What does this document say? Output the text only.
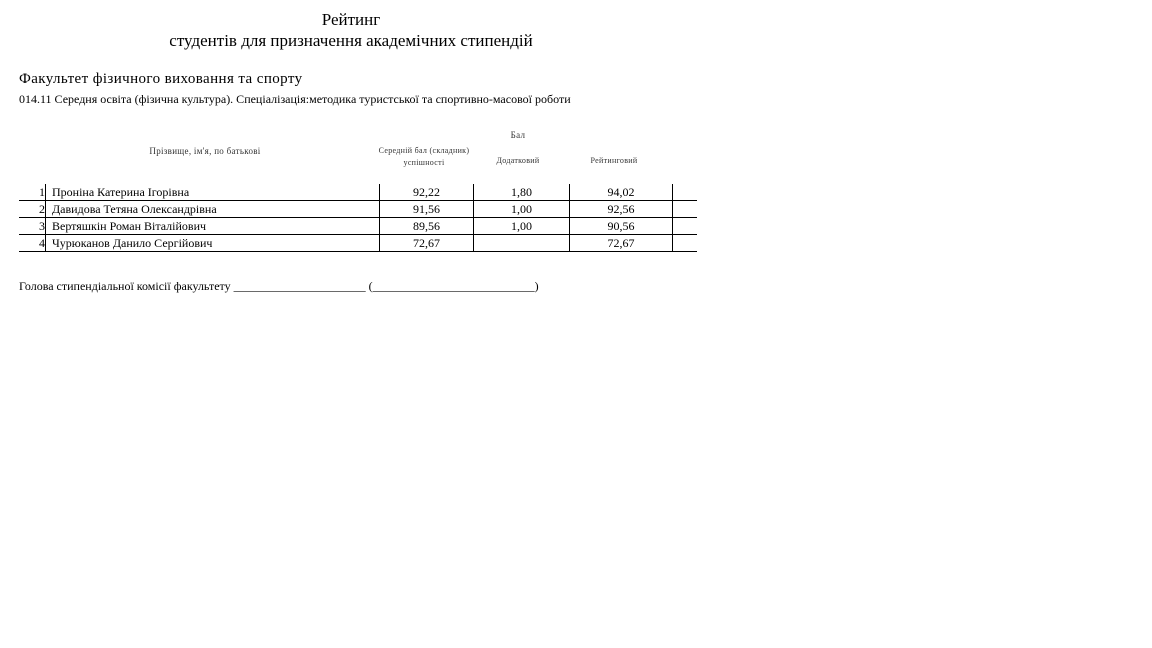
Рейтинг
студентів для призначення академічних стипендій
Факультет фізичного виховання та спорту
014.11 Середня освіта (фізична культура). Спеціалізація:методика туристської та спортивно-масової роботи
Прізвище, ім'я, по батькові
Бал
Середній бал (складник) успішності	Додатковий	Рейтинговий
1	Проніна Катерина Ігорівна	92,22	1,80	94,02	
2	Давидова Тетяна Олександрівна	91,56	1,00	92,56	
3	Вертяшкін Роман Віталійович	89,56	1,00	90,56	
4	Чурюканов Данило Сергійович	72,67		72,67	
Голова стипендіальної комісії факультету ______________________ (___________________________)
